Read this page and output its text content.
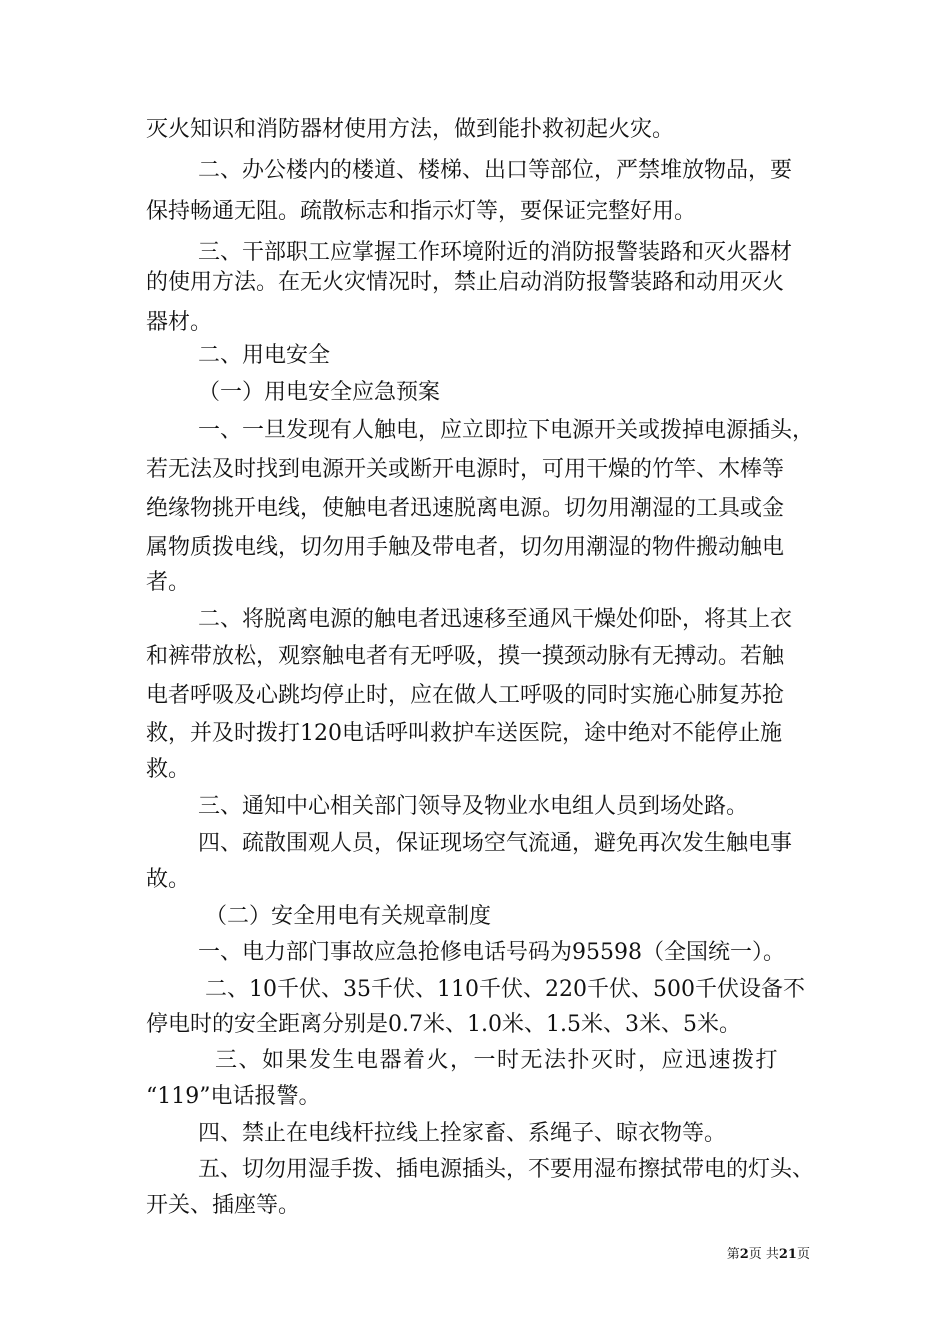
灭火知识和消防器材使用方法，做到能扑救初起火灾。
二、办公楼内的楼道、楼梯、出口等部位，严禁堆放物品，要
保持畅通无阻。疏散标志和指示灯等，要保证完整好用。
三、干部职工应掌握工作环境附近的消防报警装路和灭火器材
的使用方法。在无火灾情况时，禁止启动消防报警装路和动用灭火
器材。
二、用电安全
（一）用电安全应急预案
一、一旦发现有人触电，应立即拉下电源开关或拨掉电源插头，
若无法及时找到电源开关或断开电源时，可用干燥的竹竿、木棒等
绝缘物挑开电线，使触电者迅速脱离电源。切勿用潮湿的工具或金
属物质拨电线，切勿用手触及带电者，切勿用潮湿的物件搬动触电
者。
二、将脱离电源的触电者迅速移至通风干燥处仰卧，将其上衣
和裤带放松，观察触电者有无呼吸，摸一摸颈动脉有无搏动。若触
电者呼吸及心跳均停止时，应在做人工呼吸的同时实施心肺复苏抢
救，并及时拨打120电话呼叫救护车送医院，途中绝对不能停止施
救。
三、通知中心相关部门领导及物业水电组人员到场处路。
四、疏散围观人员，保证现场空气流通，避免再次发生触电事
故。
（二）安全用电有关规章制度
一、电力部门事故应急抢修电话号码为95598（全国统一）。
二、10千伏、35千伏、110千伏、220千伏、500千伏设备不
停电时的安全距离分别是0.7米、1.0米、1.5米、3米、5米。
三、如果发生电器着火，一时无法扑灭时，应迅速拨打
“119”电话报警。
四、禁止在电线杆拉线上拴家畜、系绳子、晾衣物等。
五、切勿用湿手拨、插电源插头，不要用湿布擦拭带电的灯头、
开关、插座等。
第2页 共21页
